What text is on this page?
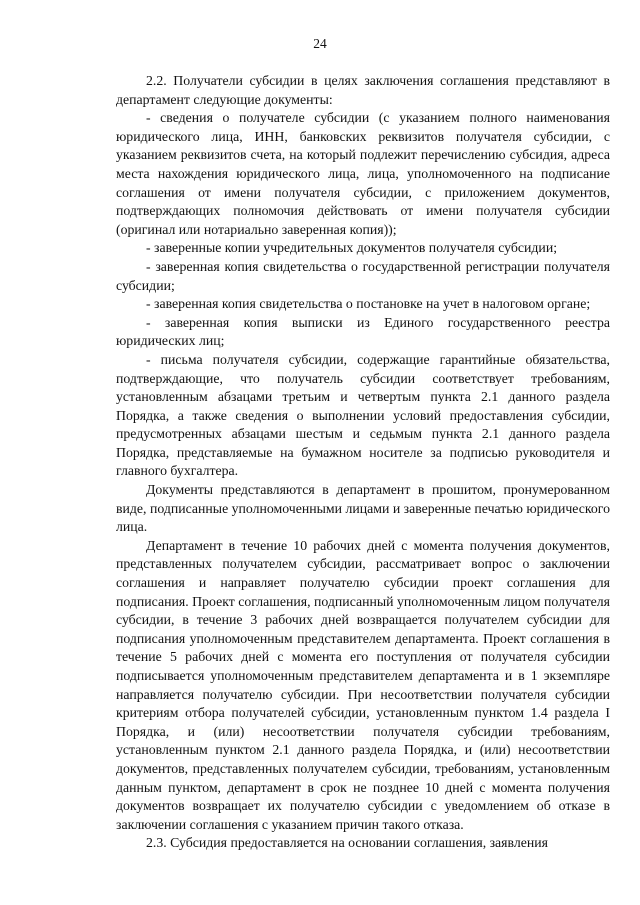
24

2.2. Получатели субсидии в целях заключения соглашения представляют в департамент следующие документы:

- сведения о получателе субсидии (с указанием полного наименования юридического лица, ИНН, банковских реквизитов получателя субсидии, с указанием реквизитов счета, на который подлежит перечислению субсидия, адреса места нахождения юридического лица, лица, уполномоченного на подписание соглашения от имени получателя субсидии, с приложением документов, подтверждающих полномочия действовать от имени получателя субсидии (оригинал или нотариально заверенная копия));

- заверенные копии учредительных документов получателя субсидии;

- заверенная копия свидетельства о государственной регистрации получателя субсидии;

- заверенная копия свидетельства о постановке на учет в налоговом органе;

- заверенная копия выписки из Единого государственного реестра юридических лиц;

- письма получателя субсидии, содержащие гарантийные обязательства, подтверждающие, что получатель субсидии соответствует требованиям, установленным абзацами третьим и четвертым пункта 2.1 данного раздела Порядка, а также сведения о выполнении условий предоставления субсидии, предусмотренных абзацами шестым и седьмым пункта 2.1 данного раздела Порядка, представляемые на бумажном носителе за подписью руководителя и главного бухгалтера.

Документы представляются в департамент в прошитом, пронумерованном виде, подписанные уполномоченными лицами и заверенные печатью юридического лица.

Департамент в течение 10 рабочих дней с момента получения документов, представленных получателем субсидии, рассматривает вопрос о заключении соглашения и направляет получателю субсидии проект соглашения для подписания. Проект соглашения, подписанный уполномоченным лицом получателя субсидии, в течение 3 рабочих дней возвращается получателем субсидии для подписания уполномоченным представителем департамента. Проект соглашения в течение 5 рабочих дней с момента его поступления от получателя субсидии подписывается уполномоченным представителем департамента и в 1 экземпляре направляется получателю субсидии. При несоответствии получателя субсидии критериям отбора получателей субсидии, установленным пунктом 1.4 раздела I Порядка, и (или) несоответствии получателя субсидии требованиям, установленным пунктом 2.1 данного раздела Порядка, и (или) несоответствии документов, представленных получателем субсидии, требованиям, установленным данным пунктом, департамент в срок не позднее 10 дней с момента получения документов возвращает их получателю субсидии с уведомлением об отказе в заключении соглашения с указанием причин такого отказа.

2.3. Субсидия предоставляется на основании соглашения, заявления
